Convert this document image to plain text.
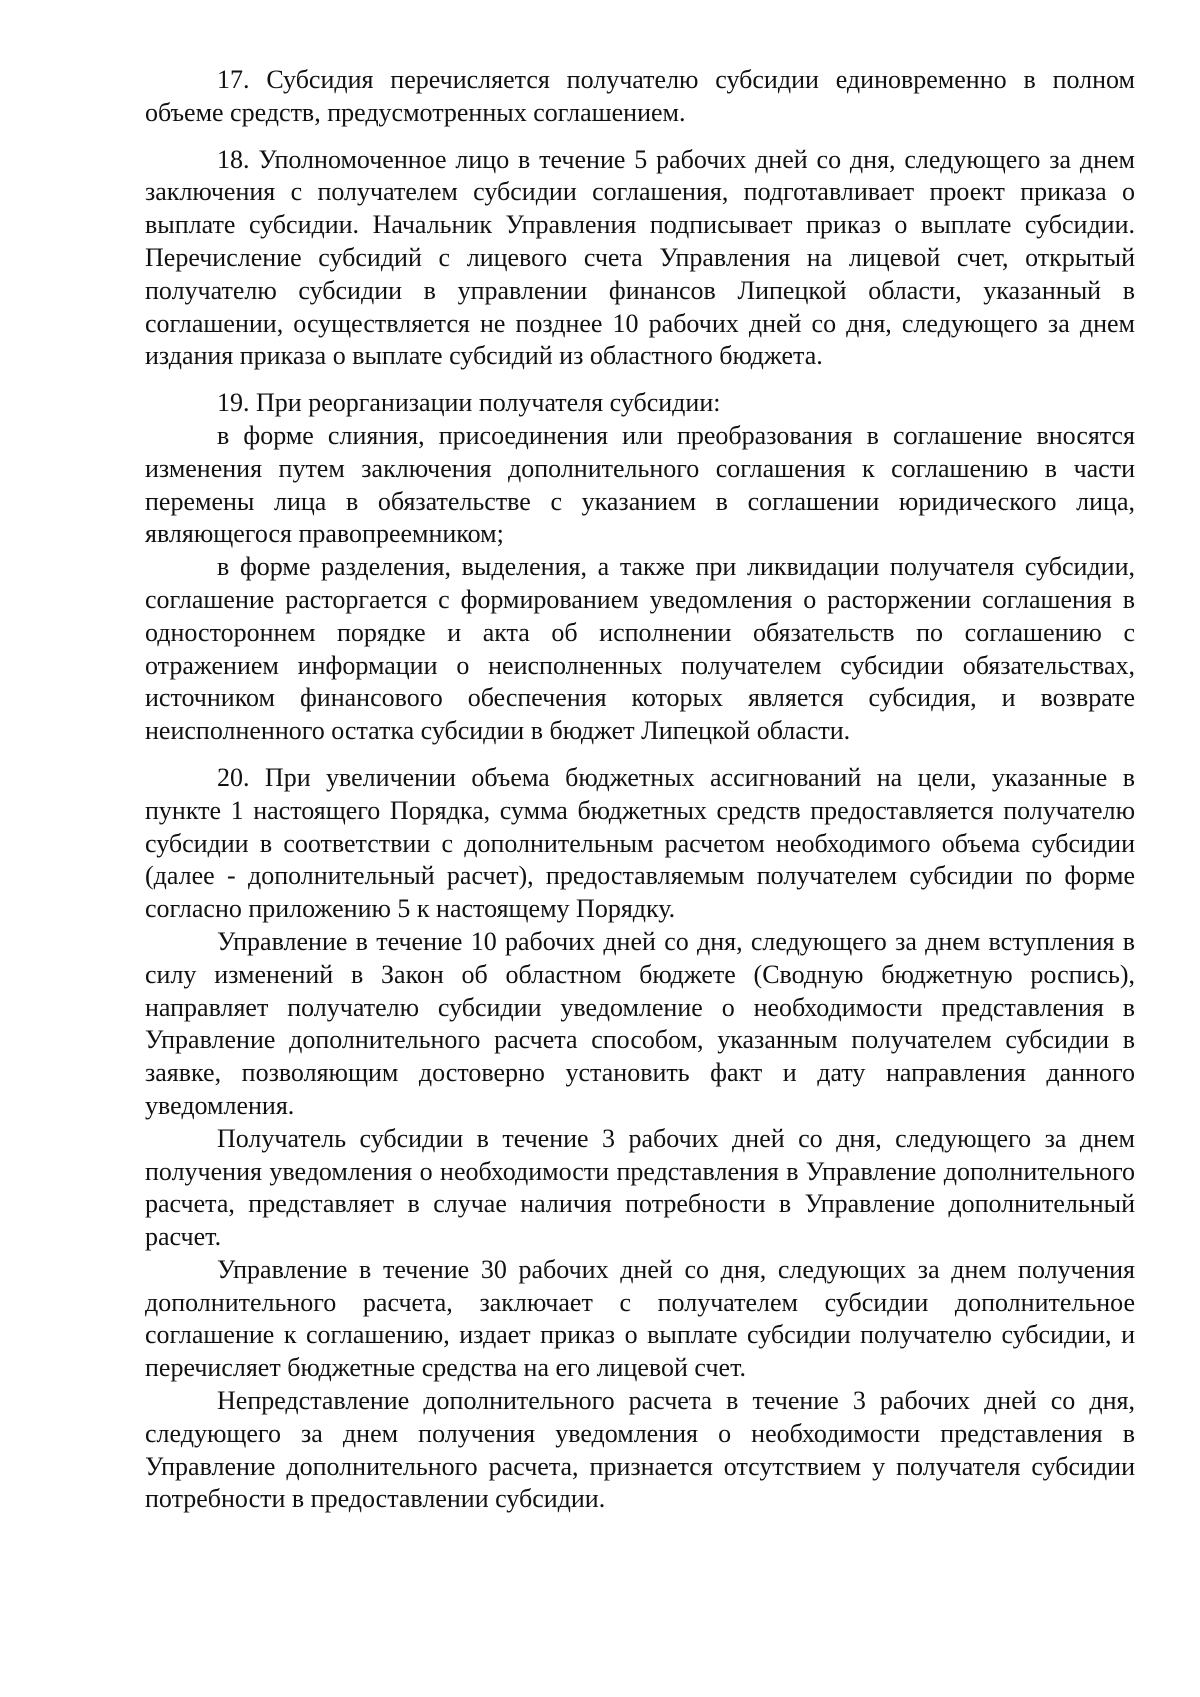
17. Субсидия перечисляется получателю субсидии единовременно в полном объеме средств, предусмотренных соглашением.

18. Уполномоченное лицо в течение 5 рабочих дней со дня, следующего за днем заключения с получателем субсидии соглашения, подготавливает проект приказа о выплате субсидии. Начальник Управления подписывает приказ о выплате субсидии. Перечисление субсидий с лицевого счета Управления на лицевой счет, открытый получателю субсидии в управлении финансов Липецкой области, указанный в соглашении, осуществляется не позднее 10 рабочих дней со дня, следующего за днем издания приказа о выплате субсидий из областного бюджета.

19. При реорганизации получателя субсидии:

в форме слияния, присоединения или преобразования в соглашение вносятся изменения путем заключения дополнительного соглашения к соглашению в части перемены лица в обязательстве с указанием в соглашении юридического лица, являющегося правопреемником;

в форме разделения, выделения, а также при ликвидации получателя субсидии, соглашение расторгается с формированием уведомления о расторжении соглашения в одностороннем порядке и акта об исполнении обязательств по соглашению с отражением информации о неисполненных получателем субсидии обязательствах, источником финансового обеспечения которых является субсидия, и возврате неисполненного остатка субсидии в бюджет Липецкой области.

20. При увеличении объема бюджетных ассигнований на цели, указанные в пункте 1 настоящего Порядка, сумма бюджетных средств предоставляется получателю субсидии в соответствии с дополнительным расчетом необходимого объема субсидии (далее - дополнительный расчет), предоставляемым получателем субсидии по форме согласно приложению 5 к настоящему Порядку.

Управление в течение 10 рабочих дней со дня, следующего за днем вступления в силу изменений в Закон об областном бюджете (Сводную бюджетную роспись), направляет получателю субсидии уведомление о необходимости представления в Управление дополнительного расчета способом, указанным получателем субсидии в заявке, позволяющим достоверно установить факт и дату направления данного уведомления.

Получатель субсидии в течение 3 рабочих дней со дня, следующего за днем получения уведомления о необходимости представления в Управление дополнительного расчета, представляет в случае наличия потребности в Управление дополнительный расчет.

Управление в течение 30 рабочих дней со дня, следующих за днем получения дополнительного расчета, заключает с получателем субсидии дополнительное соглашение к соглашению, издает приказ о выплате субсидии получателю субсидии, и перечисляет бюджетные средства на его лицевой счет.

Непредставление дополнительного расчета в течение 3 рабочих дней со дня, следующего за днем получения уведомления о необходимости представления в Управление дополнительного расчета, признается отсутствием у получателя субсидии потребности в предоставлении субсидии.
